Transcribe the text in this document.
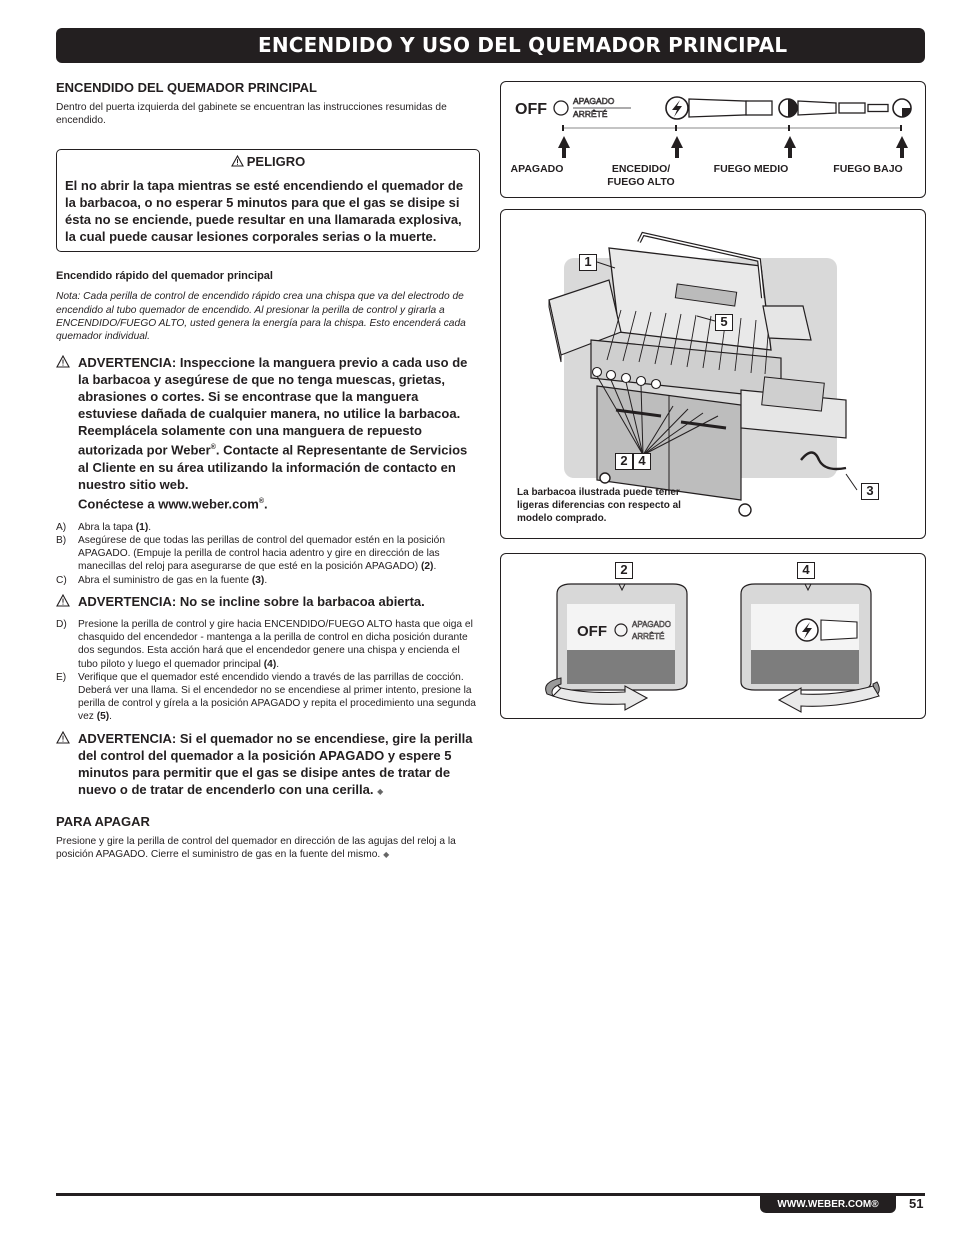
ENCENDIDO Y USO DEL QUEMADOR PRINCIPAL
ENCENDIDO DEL QUEMADOR PRINCIPAL

Dentro del puerta izquierda del gabinete se encuentran las instrucciones resumidas de encendido.

PELIGRO
El no abrir la tapa mientras se esté encendiendo el quemador de la barbacoa, o no esperar 5 minutos para que el gas se disipe si ésta no se enciende, puede resultar en una llamarada explosiva, la cual puede causar lesiones corporales serias o la muerte.
Encendido rápido del quemador principal

Nota: Cada perilla de control de encendido rápido crea una chispa que va del electrodo de encendido al tubo quemador de encendido. Al presionar la perilla de control y girarla a ENCENDIDO/FUEGO ALTO, usted genera la energía para la chispa. Esto encenderá cada quemador individual.

ADVERTENCIA: Inspeccione la manguera previo a cada uso de la barbacoa y asegúrese de que no tenga muescas, grietas, abrasiones o cortes. Si se encontrase que la manguera estuviese dañada de cualquier manera, no utilice la barbacoa. Reemplácela solamente con una manguera de repuesto autorizada por Weber®. Contacte al Representante de Servicios al Cliente en su área utilizando la información de contacto en nuestro sitio web.
Conéctese a www.weber.com®.
A) Abra la tapa (1).
B) Asegúrese de que todas las perillas de control del quemador estén en la posición APAGADO. (Empuje la perilla de control hacia adentro y gire en dirección de las manecillas del reloj para asegurarse de que esté en la posición APAGADO) (2).
C) Abra el suministro de gas en la fuente (3).
ADVERTENCIA: No se incline sobre la barbacoa abierta.
D) Presione la perilla de control y gire hacia ENCENDIDO/FUEGO ALTO hasta que oiga el chasquido del encendedor - mantenga a la perilla de control en dicha posición durante dos segundos. Esta acción hará que el encendedor genere una chispa y encienda el tubo piloto y luego el quemador principal (4).
E) Verifique que el quemador esté encendido viendo a través de las parrillas de cocción. Deberá ver una llama. Si el encendedor no se encendiese al primer intento, presione la perilla de control y gírela a la posición APAGADO y repita el procedimiento una segunda vez (5).
ADVERTENCIA: Si el quemador no se encendiese, gire la perilla del control del quemador a la posición APAGADO y espere 5 minutos para permitir que el gas se disipe antes de tratar de nuevo o de tratar de encenderlo con una cerilla. ◆
PARA APAGAR

Presione y gire la perilla de control del quemador en dirección de las agujas del reloj a la posición APAGADO. Cierre el suministro de gas en la fuente del mismo. ◆

OFF	APAGADO
ARRÊTÉ
APAGADO	ENCEDIDO/
FUEGO ALTO
FUEGO MEDIO	FUEGO BAJO
1
5
2 4
3
La barbacoa ilustrada puede tener ligeras diferencias con respecto al modelo comprado.
2	4
OFF	APAGADO
ARRÊTÉ
WWW.WEBER.COM®	51
